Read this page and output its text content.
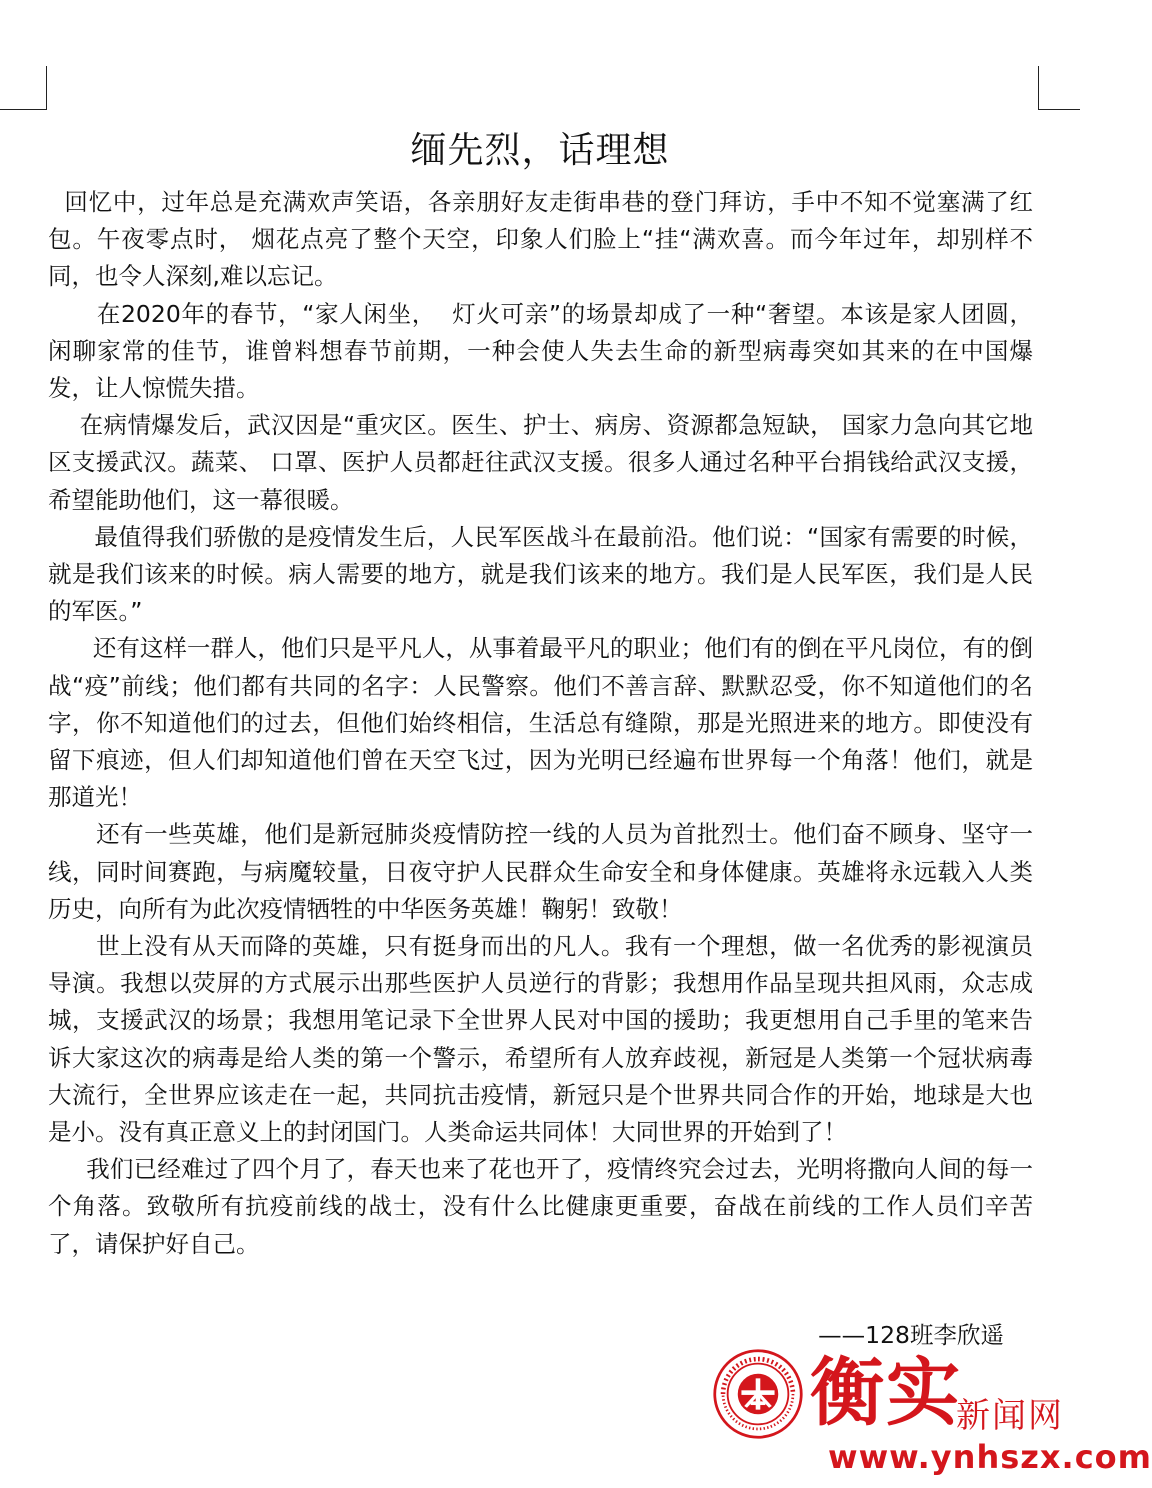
缅先烈，话理想

回忆中，过年总是充满欢声笑语，各亲朋好友走街串巷的登门拜访，手中不知不觉塞满了红包。午夜零点时， 烟花点亮了整个天空，印象人们脸上“挂“满欢喜。而今年过年，却别样不同，也令人深刻,难以忘记。

在2020年的春节，“家人闲坐，  灯火可亲”的场景却成了一种“奢望。本该是家人团圆， 闲聊家常的佳节，谁曾料想春节前期，一种会使人失去生命的新型病毒突如其来的在中国爆发，让人惊慌失措。

在病情爆发后，武汉因是“重灾区。医生、护士、病房、资源都急短缺， 国家力急向其它地区支援武汉。蔬菜、 口罩、医护人员都赶往武汉支援。很多人通过名种平台捐钱给武汉支援，希望能助他们，这一幕很暖。

最值得我们骄傲的是疫情发生后，人民军医战斗在最前沿。他们说：“国家有需要的时候，就是我们该来的时候。病人需要的地方，就是我们该来的地方。我们是人民军医，我们是人民的军医。”

还有这样一群人，他们只是平凡人，从事着最平凡的职业；他们有的倒在平凡岗位，有的倒战“疫”前线；他们都有共同的名字：人民警察。他们不善言辞、默默忍受，你不知道他们的名字，你不知道他们的过去，但他们始终相信，生活总有缝隙，那是光照进来的地方。即使没有留下痕迹，但人们却知道他们曾在天空飞过，因为光明已经遍布世界每一个角落！他们，就是那道光！

还有一些英雄，他们是新冠肺炎疫情防控一线的人员为首批烈士。他们奋不顾身、坚守一线，同时间赛跑，与病魔较量，日夜守护人民群众生命安全和身体健康。英雄将永远载入人类历史，向所有为此次疫情牺牲的中华医务英雄！鞠躬！致敬！

世上没有从天而降的英雄，只有挺身而出的凡人。我有一个理想，做一名优秀的影视演员 导演。我想以荧屏的方式展示出那些医护人员逆行的背影；我想用作品呈现共担风雨，众志成城，支援武汉的场景；我想用笔记录下全世界人民对中国的援助；我更想用自己手里的笔来告诉大家这次的病毒是给人类的第一个警示，希望所有人放弃歧视，新冠是人类第一个冠状病毒大流行，全世界应该走在一起，共同抗击疫情，新冠只是个世界共同合作的开始，地球是大也是小。没有真正意义上的封闭国门。人类命运共同体！大同世界的开始到了！

我们已经难过了四个月了，春天也来了花也开了，疫情终究会过去，光明将撒向人间的每一个角落。致敬所有抗疫前线的战士，没有什么比健康更重要，奋战在前线的工作人员们辛苦了，请保护好自己。

——128班李欣遥
衡实
新闻网
www.ynhszx.com
